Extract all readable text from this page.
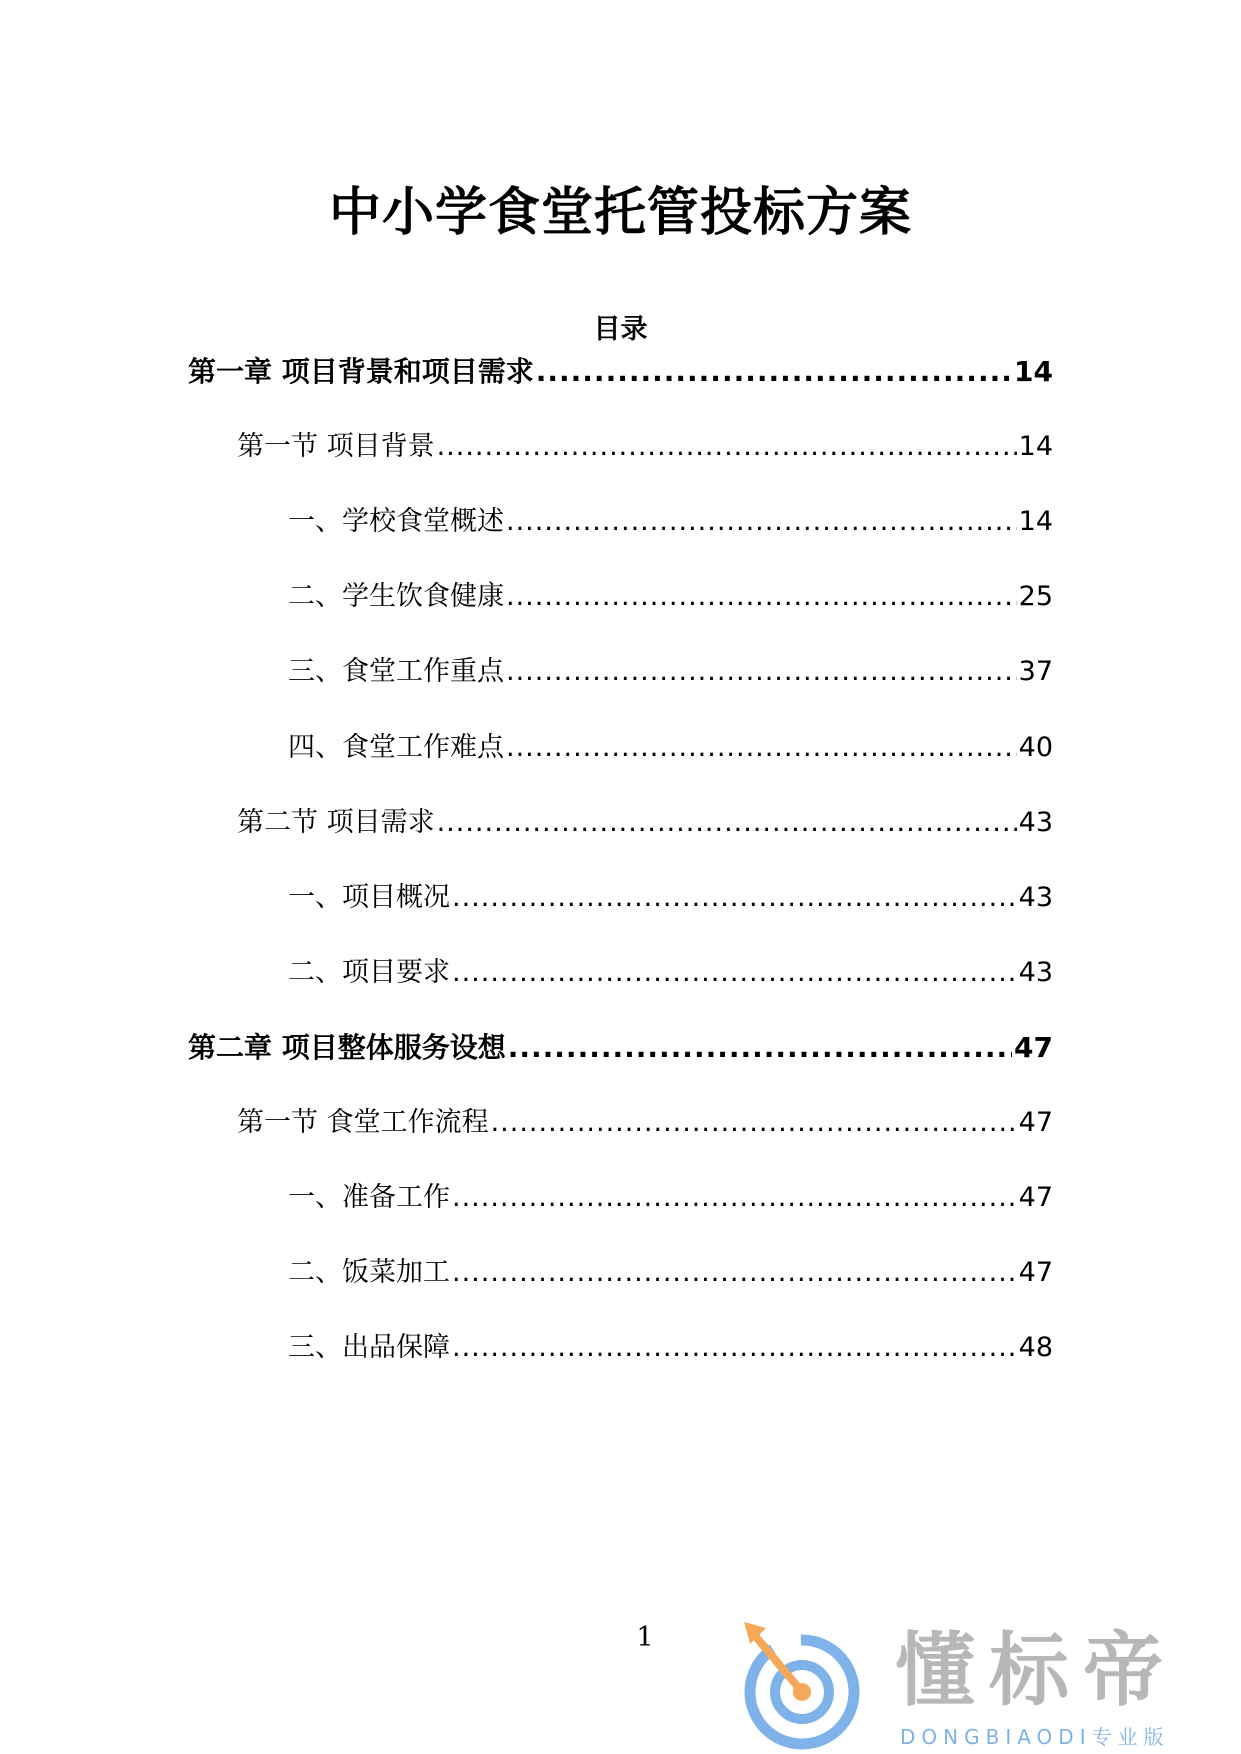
中小学食堂托管投标方案
目录
第一章 项目背景和项目需求 .....	14
第一节 项目背景 .....	14
一、学校食堂概述 .....	14
二、学生饮食健康 .....	25
三、食堂工作重点 .....	37
四、食堂工作难点 .....	40
第二节 项目需求 .....	43
一、项目概况 .....	43
二、项目要求 .....	43
第二章 项目整体服务设想 .....	47
第一节 食堂工作流程 .....	47
一、准备工作 .....	47
二、饭菜加工 .....	47
三、出品保障 .....	48
1	懂标帝
DONGBIAODI专业版
